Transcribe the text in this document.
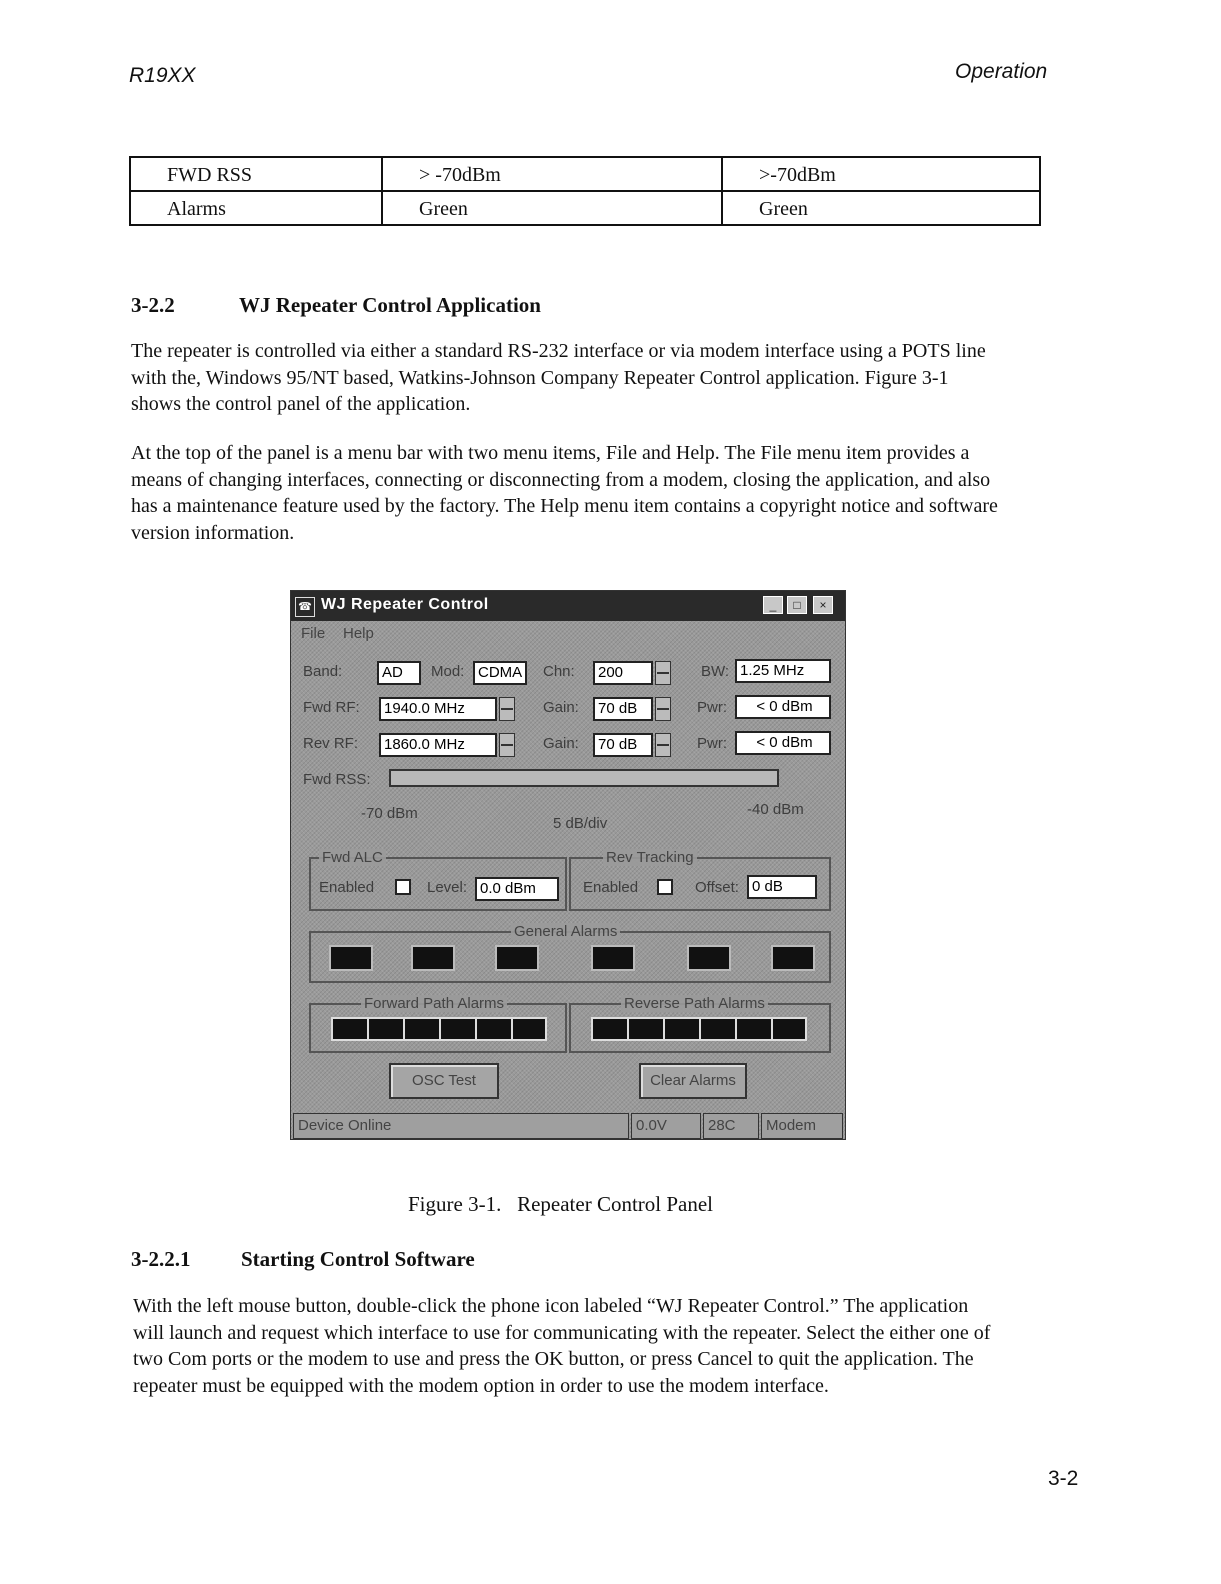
R19XX	Operation
FWD RSS	> -70dBm	>-70dBm
Alarms	Green	Green
3-2.2	WJ Repeater Control Application
The repeater is controlled via either a standard RS-232 interface or via modem interface using a POTS line with the, Windows 95/NT based, Watkins-Johnson Company Repeater Control application. Figure 3-1 shows the control panel of the application.
At the top of the panel is a menu bar with two menu items, File and Help. The File menu item provides a means of changing interfaces, connecting or disconnecting from a modem, closing the application, and also has a maintenance feature used by the factory. The Help menu item contains a copyright notice and software version information.
☎ WJ Repeater Control	_	□	×
File Help
Band:	AD	Mod: CDMA	Chn:	200	BW: 1.25 MHz
Fwd RF:	1940.0 MHz	Gain:	70 dB	Pwr:	< 0 dBm
Rev RF:	1860.0 MHz	Gain:	70 dB	Pwr:	< 0 dBm
Fwd RSS:
-70 dBm
5 dB/div
-40 dBm
Fwd ALC
Enabled	Level: 0.0 dBm
Rev Tracking
Enabled	Offset: 0 dB
General Alarms
Forward Path Alarms	Reverse Path Alarms
OSC Test	Clear Alarms
Device Online	0.0V	28C	Modem
Figure 3-1.   Repeater Control Panel
3-2.2.1 Starting Control Software
With the left mouse button, double-click the phone icon labeled “WJ Repeater Control.” The application will launch and request which interface to use for communicating with the repeater. Select the either one of two Com ports or the modem to use and press the OK button, or press Cancel to quit the application. The repeater must be equipped with the modem option in order to use the modem interface.
3-2
